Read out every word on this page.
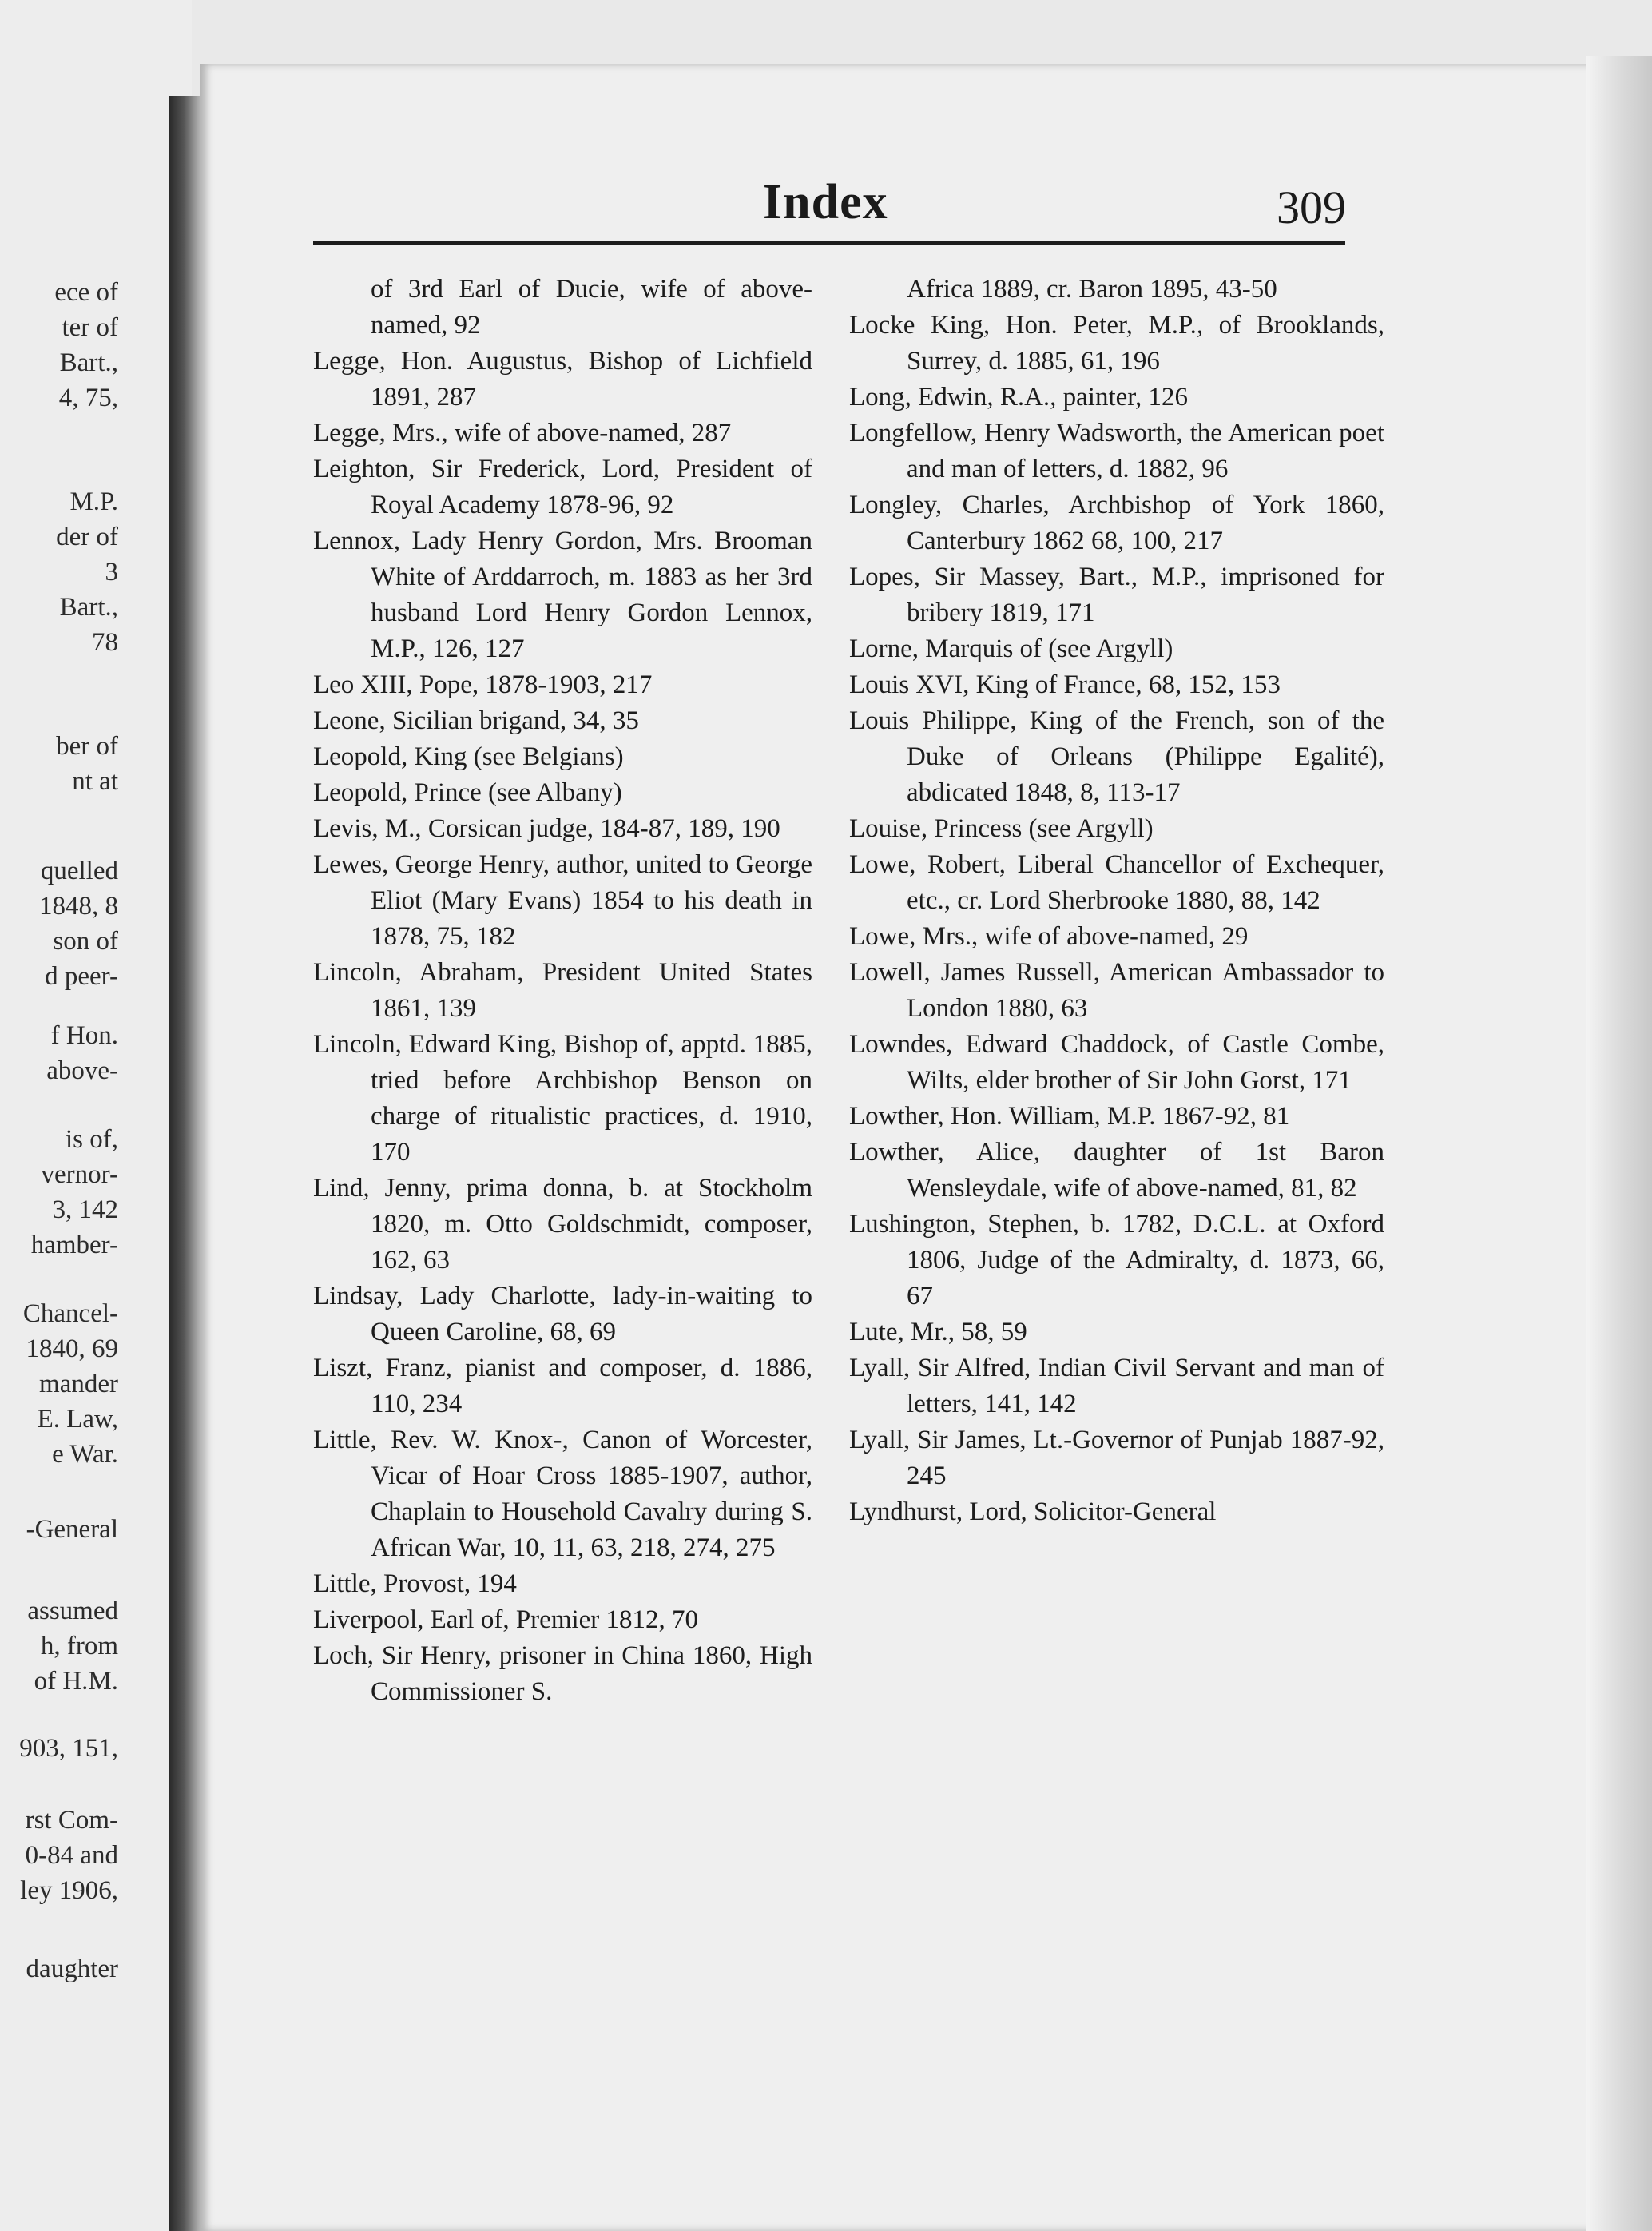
ece of
ter of
Bart.,
4, 75,
M.P.
der of
3
Bart.,
78
ber of
nt at
quelled
1848, 8
son of
d peer-
f Hon.
above-
is of,
vernor-
3, 142
hamber-
Chancel-
1840, 69
mander
E. Law,
e War.
-General
assumed
h, from
of H.M.
903, 151,
rst Com-
0-84 and
ley 1906,
daughter
Index	309
of 3rd Earl of Ducie, wife of above-named, 92
Legge, Hon. Augustus, Bishop of Lichfield 1891, 287
Legge, Mrs., wife of above-named, 287
Leighton, Sir Frederick, Lord, President of Royal Academy 1878-96, 92
Lennox, Lady Henry Gordon, Mrs. Brooman White of Arddarroch, m. 1883 as her 3rd husband Lord Henry Gordon Lennox, M.P., 126, 127
Leo XIII, Pope, 1878-1903, 217
Leone, Sicilian brigand, 34, 35
Leopold, King (see Belgians)
Leopold, Prince (see Albany)
Levis, M., Corsican judge, 184-87, 189, 190
Lewes, George Henry, author, united to George Eliot (Mary Evans) 1854 to his death in 1878, 75, 182
Lincoln, Abraham, President United States 1861, 139
Lincoln, Edward King, Bishop of, apptd. 1885, tried before Archbishop Benson on charge of ritualistic practices, d. 1910, 170
Lind, Jenny, prima donna, b. at Stockholm 1820, m. Otto Goldschmidt, composer, 162, 63
Lindsay, Lady Charlotte, lady-in-waiting to Queen Caroline, 68, 69
Liszt, Franz, pianist and composer, d. 1886, 110, 234
Little, Rev. W. Knox-, Canon of Worcester, Vicar of Hoar Cross 1885-1907, author, Chaplain to Household Cavalry during S. African War, 10, 11, 63, 218, 274, 275
Little, Provost, 194
Liverpool, Earl of, Premier 1812, 70
Loch, Sir Henry, prisoner in China 1860, High Commissioner S.
Africa 1889, cr. Baron 1895, 43-50
Locke King, Hon. Peter, M.P., of Brooklands, Surrey, d. 1885, 61, 196
Long, Edwin, R.A., painter, 126
Longfellow, Henry Wadsworth, the American poet and man of letters, d. 1882, 96
Longley, Charles, Archbishop of York 1860, Canterbury 1862 68, 100, 217
Lopes, Sir Massey, Bart., M.P., imprisoned for bribery 1819, 171
Lorne, Marquis of (see Argyll)
Louis XVI, King of France, 68, 152, 153
Louis Philippe, King of the French, son of the Duke of Orleans (Philippe Egalité), abdicated 1848, 8, 113-17
Louise, Princess (see Argyll)
Lowe, Robert, Liberal Chancellor of Exchequer, etc., cr. Lord Sherbrooke 1880, 88, 142
Lowe, Mrs., wife of above-named, 29
Lowell, James Russell, American Ambassador to London 1880, 63
Lowndes, Edward Chaddock, of Castle Combe, Wilts, elder brother of Sir John Gorst, 171
Lowther, Hon. William, M.P. 1867-92, 81
Lowther, Alice, daughter of 1st Baron Wensleydale, wife of above-named, 81, 82
Lushington, Stephen, b. 1782, D.C.L. at Oxford 1806, Judge of the Admiralty, d. 1873, 66, 67
Lute, Mr., 58, 59
Lyall, Sir Alfred, Indian Civil Servant and man of letters, 141, 142
Lyall, Sir James, Lt.-Governor of Punjab 1887-92, 245
Lyndhurst, Lord, Solicitor-General
